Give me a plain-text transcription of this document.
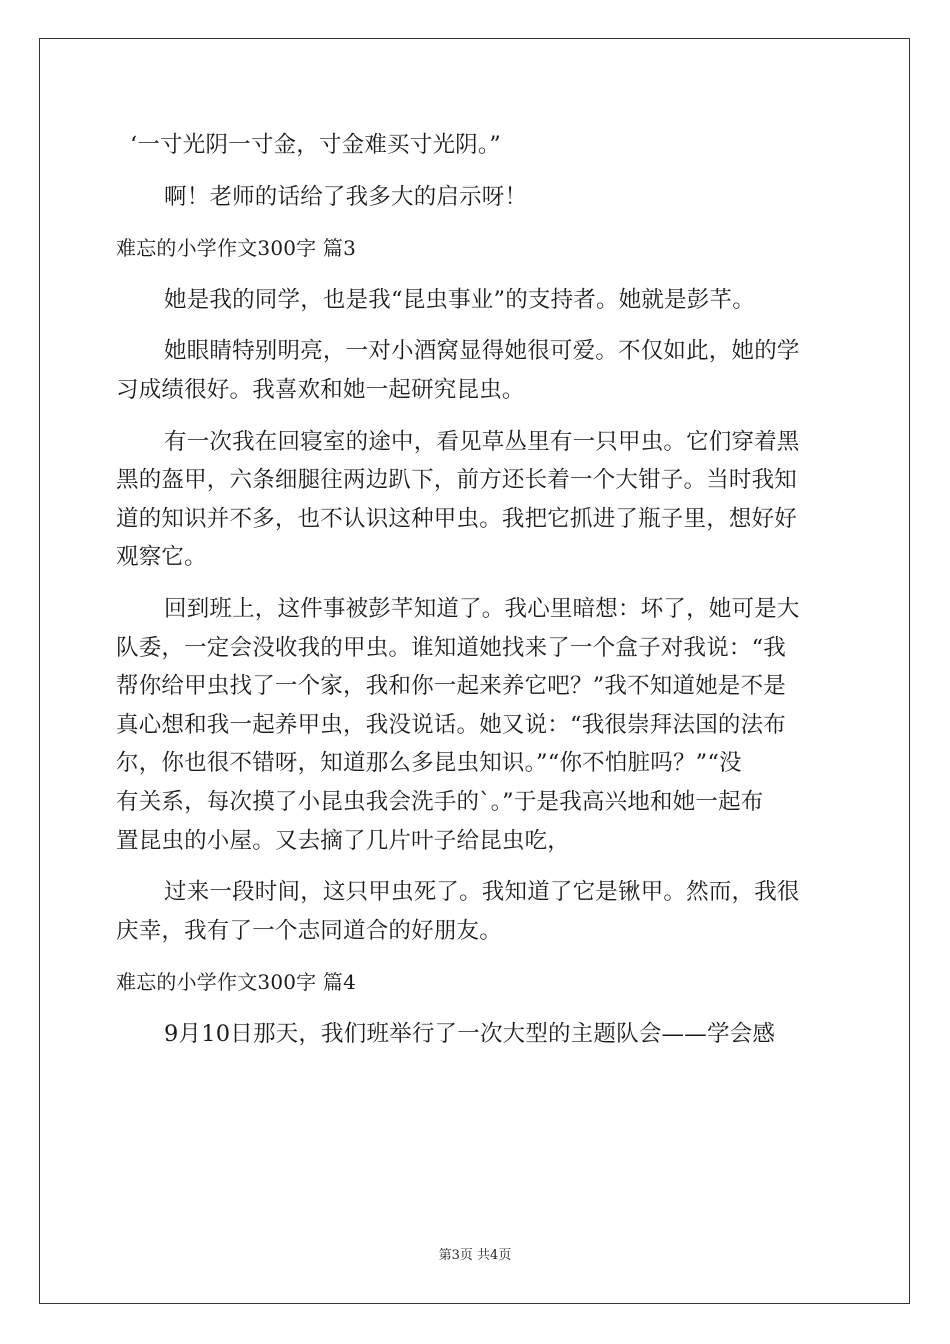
‘一寸光阴一寸金，寸金难买寸光阴。”
啊！老师的话给了我多大的启示呀！
难忘的小学作文300字 篇3
她是我的同学，也是我“昆虫事业”的支持者。她就是彭芊。
她眼睛特别明亮，一对小酒窝显得她很可爱。不仅如此，她的学
习成绩很好。我喜欢和她一起研究昆虫。
有一次我在回寝室的途中，看见草丛里有一只甲虫。它们穿着黑
黑的盔甲，六条细腿往两边趴下，前方还长着一个大钳子。当时我知
道的知识并不多，也不认识这种甲虫。我把它抓进了瓶子里，想好好
观察它。
回到班上，这件事被彭芊知道了。我心里暗想：坏了，她可是大
队委，一定会没收我的甲虫。谁知道她找来了一个盒子对我说：“我
帮你给甲虫找了一个家，我和你一起来养它吧？”我不知道她是不是
真心想和我一起养甲虫，我没说话。她又说：“我很崇拜法国的法布
尔，你也很不错呀，知道那么多昆虫知识。”“你不怕脏吗？”“没
有关系，每次摸了小昆虫我会洗手的`。”于是我高兴地和她一起布
置昆虫的小屋。又去摘了几片叶子给昆虫吃，
过来一段时间，这只甲虫死了。我知道了它是锹甲。然而，我很
庆幸，我有了一个志同道合的好朋友。
难忘的小学作文300字 篇4
9月10日那天，我们班举行了一次大型的主题队会——学会感
第3页 共4页
